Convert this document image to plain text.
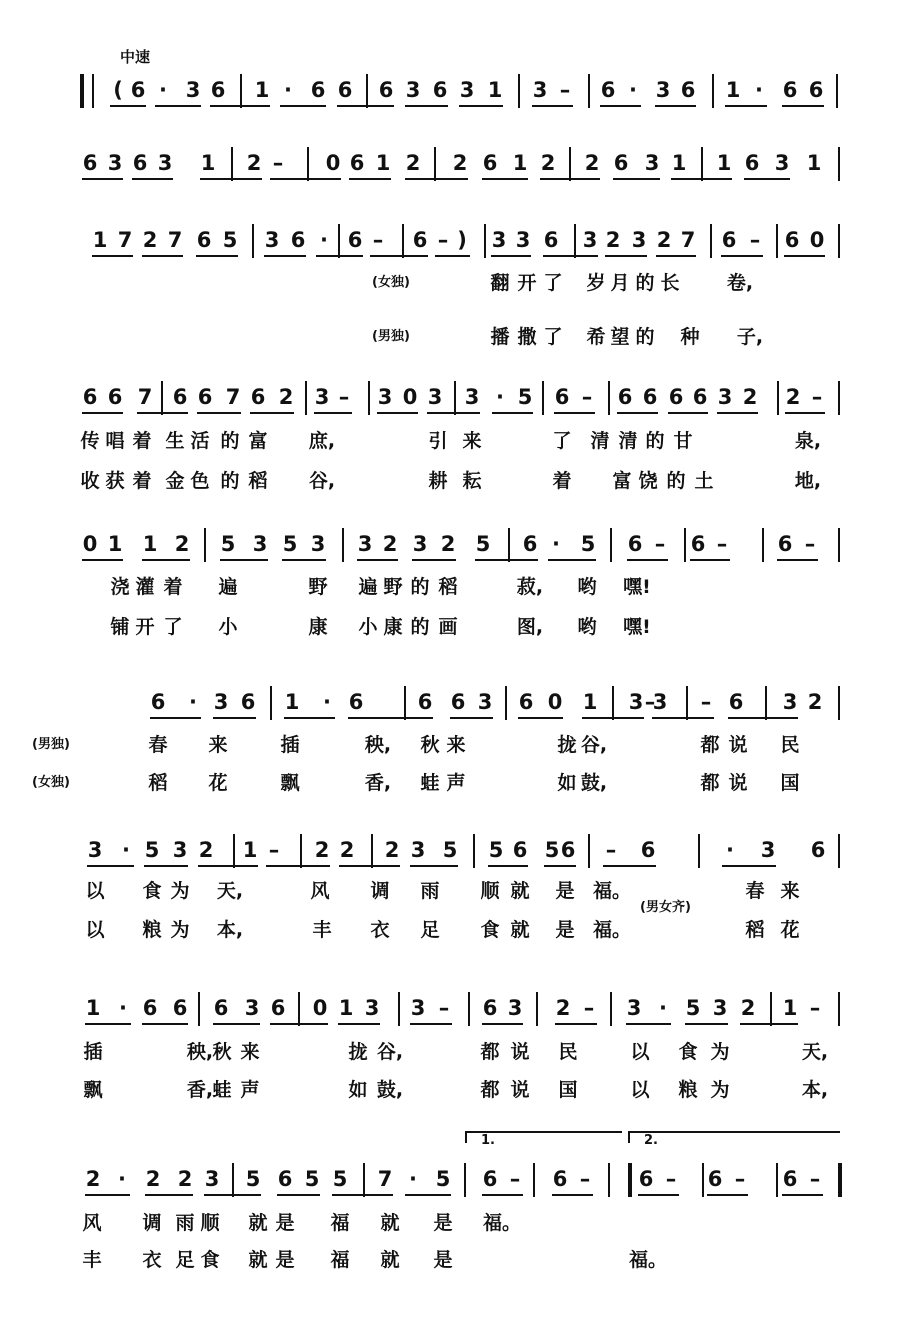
中速
( 6 · 3 6 1 · 6 6 6 3 6 3 1 3 – 6 · 3 6 1 · 6 6
6 3 6 3 1 2 – 0 6 1 2 2 6 1 2 2 6 3 1 1 6 3 1
1 7 2 7 6 5 3 6 · 6 – 6 – ) 3 3 6 3 2 3 2 7 6 – 6 0
翻 开 了 岁 月 的 长 卷,
(女独)
播 撒 了 希 望 的 种 子,
(男独)
6 6 7 6 6 7 6 2 3 – 3 0 3 3 · 5 6 – 6 6 6 6 3 2 2 –
传 唱 着 生 活 的 富 庶,	引 来	了 清 清 的 甘	泉,
收 获 着 金 色 的 稻 谷,	耕 耘	着 富 饶 的 土	地,
0 1 1 2 5 3 5 3 3 2 3 2 5 6 · 5 6 – 6 – 6 –
浇 灌 着 遍	野 遍 野 的 稻	菽, 哟 嘿!
铺 开 了 小	康 小 康 的 画	图, 哟 嘿!
6 · 3 6 1 · 6	6 6 3 6 0 1 3 3 – 6 3 2
–
春 来	插	秧, 秋 来	拢 谷,	都 说 民
(男独)
稻 花	飘	香, 蛙 声	如 鼓,	都 说 国
(女独)
3 · 5 3 2 1 – 2 2 2 3 5 5 6 5 6 – 6	· 3 6
以 食 为 天,	风 调 雨 顺 就 是 福。	春 来
以 粮 为 本,	丰 衣 足 食 就 是 福。	稻 花
(男女齐)
1 · 6 6 6 3 6 0 1 3 3 – 6 3 2 – 3 · 5 3 2 1 –
插	秧, 秋 来	拢 谷,	都 说 民	以 食 为	天,
飘	香, 蛙 声	如 鼓,	都 说 国	以 粮 为	本,
2 · 2 2 3 5 6 5 5 7 · 5 6 – 6 – 6 – 6 – 6 –
1.	2.
风 调 雨 顺 就 是 福 就 是 福。
丰 衣 足 食 就 是 福 就 是	福。
